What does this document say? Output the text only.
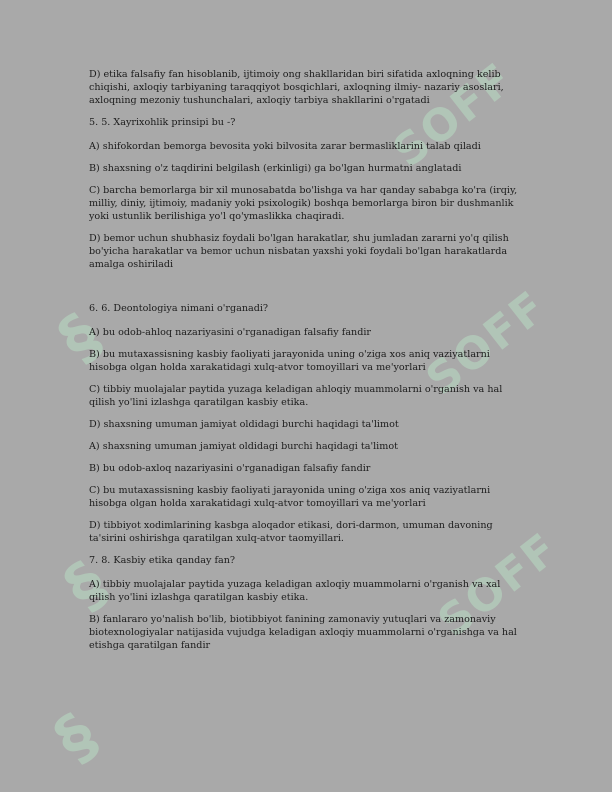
SOFF
§	SOFF
§	SOFF
§

D) etika falsafiy fan hisoblanib, ijtimoiy ong shakllaridan biri sifatida axloqning kelib chiqishi, axloqiy tarbiyaning taraqqiyot bosqichlari, axloqning ilmiy- nazariy asoslari, axloqning mezoniy tushunchalari, axloqiy tarbiya shakllarini o'rgatadi

5. 5. Xayrixohlik prinsipi bu -?

A) shifokordan bemorga bevosita yoki bilvosita zarar bermasliklarini talab qiladi

B) shaxsning o'z taqdirini belgilash (erkinligi) ga bo'lgan hurmatni anglatadi

C) barcha bemorlarga bir xil munosabatda bo'lishga va har qanday sababga ko'ra (irqiy, milliy, diniy, ijtimoiy, madaniy yoki psixologik) boshqa bemorlarga biron bir dushmanlik yoki ustunlik berilishiga yo'l qo'ymaslikka chaqiradi.

D) bemor uchun shubhasiz foydali bo'lgan harakatlar, shu jumladan zararni yo'q qilish bo'yicha harakatlar va bemor uchun nisbatan yaxshi yoki foydali bo'lgan harakatlarda amalga oshiriladi

6. 6. Deontologiya nimani o'rganadi?

A) bu odob-ahloq nazariyasini o'rganadigan falsafiy fandir

B) bu mutaxassisning kasbiy faoliyati jarayonida uning o'ziga xos aniq vaziyatlarni hisobga olgan holda xarakatidagi xulq-atvor tomoyillari va me'yorlari

C) tibbiy muolajalar paytida yuzaga keladigan ahloqiy muammolarni o'rganish va hal qilish yo'lini izlashga qaratilgan kasbiy etika.

D) shaxsning umuman jamiyat oldidagi burchi haqidagi ta'limot

A) shaxsning umuman jamiyat oldidagi burchi haqidagi ta'limot

B) bu odob-axloq nazariyasini o'rganadigan falsafiy fandir

C) bu mutaxassisning kasbiy faoliyati jarayonida uning o'ziga xos aniq vaziyatlarni hisobga olgan holda xarakatidagi xulq-atvor tomoyillari va me'yorlari

D) tibbiyot xodimlarining kasbga aloqador etikasi, dori-darmon, umuman davoning ta'sirini oshirishga qaratilgan xulq-atvor taomyillari.

7. 8. Kasbiy etika qanday fan?

A) tibbiy muolajalar paytida yuzaga keladigan axloqiy muammolarni o'rganish va xal qilish yo'lini izlashga qaratilgan kasbiy etika.

B) fanlararo yo'nalish bo'lib, biotibbiyot fanining zamonaviy yutuqlari va zamonaviy biotexnologiyalar natijasida vujudga keladigan axloqiy muammolarni o'rganishga va hal etishga qaratilgan fandir
